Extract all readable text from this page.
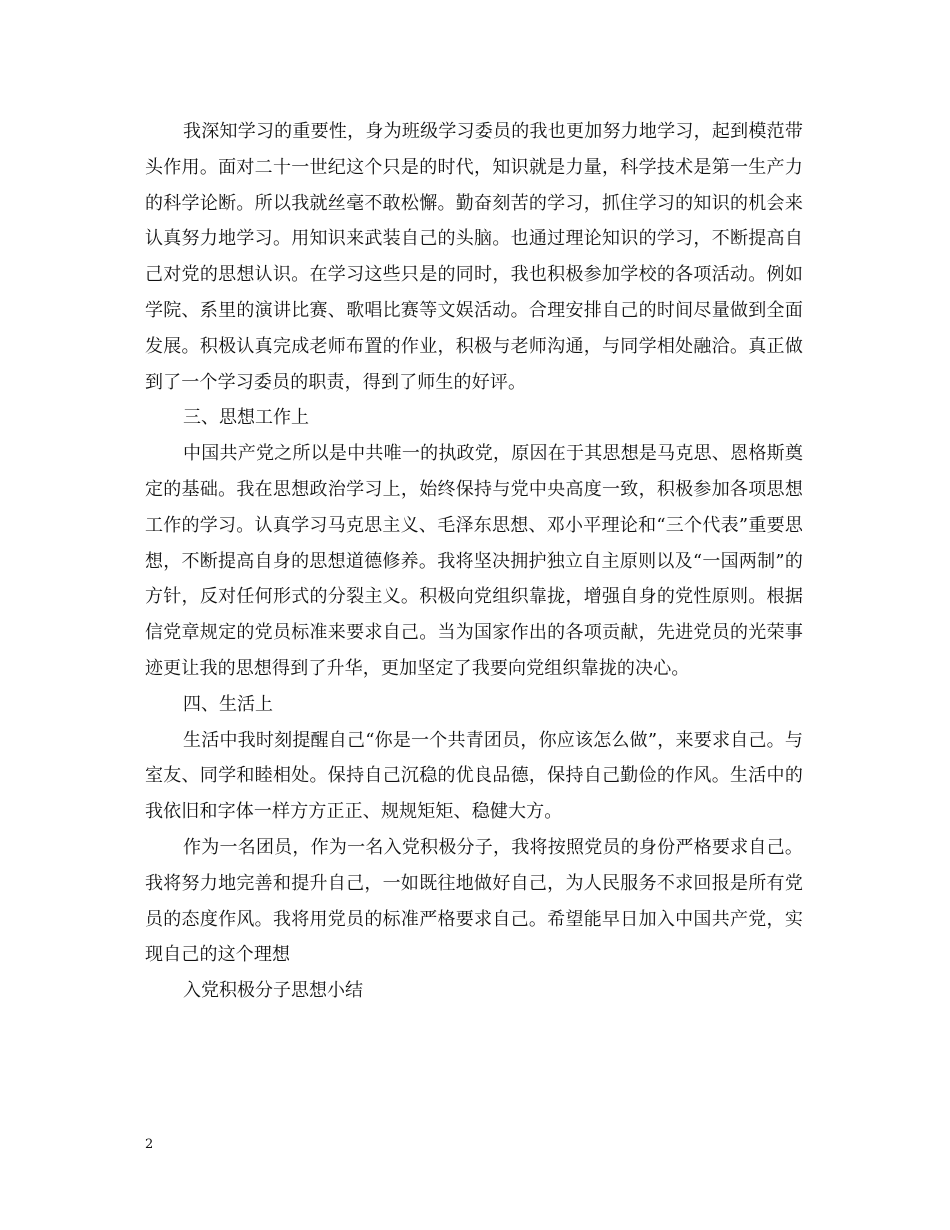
我深知学习的重要性，身为班级学习委员的我也更加努力地学习，起到模范带头作用。面对二十一世纪这个只是的时代，知识就是力量，科学技术是第一生产力的科学论断。所以我就丝毫不敢松懈。勤奋刻苦的学习，抓住学习的知识的机会来认真努力地学习。用知识来武装自己的头脑。也通过理论知识的学习，不断提高自己对党的思想认识。在学习这些只是的同时，我也积极参加学校的各项活动。例如学院、系里的演讲比赛、歌唱比赛等文娱活动。合理安排自己的时间尽量做到全面发展。积极认真完成老师布置的作业，积极与老师沟通，与同学相处融洽。真正做到了一个学习委员的职责，得到了师生的好评。

三、思想工作上

中国共产党之所以是中共唯一的执政党，原因在于其思想是马克思、恩格斯奠定的基础。我在思想政治学习上，始终保持与党中央高度一致，积极参加各项思想工作的学习。认真学习马克思主义、毛泽东思想、邓小平理论和“三个代表”重要思想，不断提高自身的思想道德修养。我将坚决拥护独立自主原则以及“一国两制”的方针，反对任何形式的分裂主义。积极向党组织靠拢，增强自身的党性原则。根据信党章规定的党员标准来要求自己。当为国家作出的各项贡献，先进党员的光荣事迹更让我的思想得到了升华，更加坚定了我要向党组织靠拢的决心。

四、生活上

生活中我时刻提醒自己“你是一个共青团员，你应该怎么做”，来要求自己。与室友、同学和睦相处。保持自己沉稳的优良品德，保持自己勤俭的作风。生活中的我依旧和字体一样方方正正、规规矩矩、稳健大方。

作为一名团员，作为一名入党积极分子，我将按照党员的身份严格要求自己。我将努力地完善和提升自己，一如既往地做好自己，为人民服务不求回报是所有党员的态度作风。我将用党员的标准严格要求自己。希望能早日加入中国共产党，实现自己的这个理想

入党积极分子思想小结

2
